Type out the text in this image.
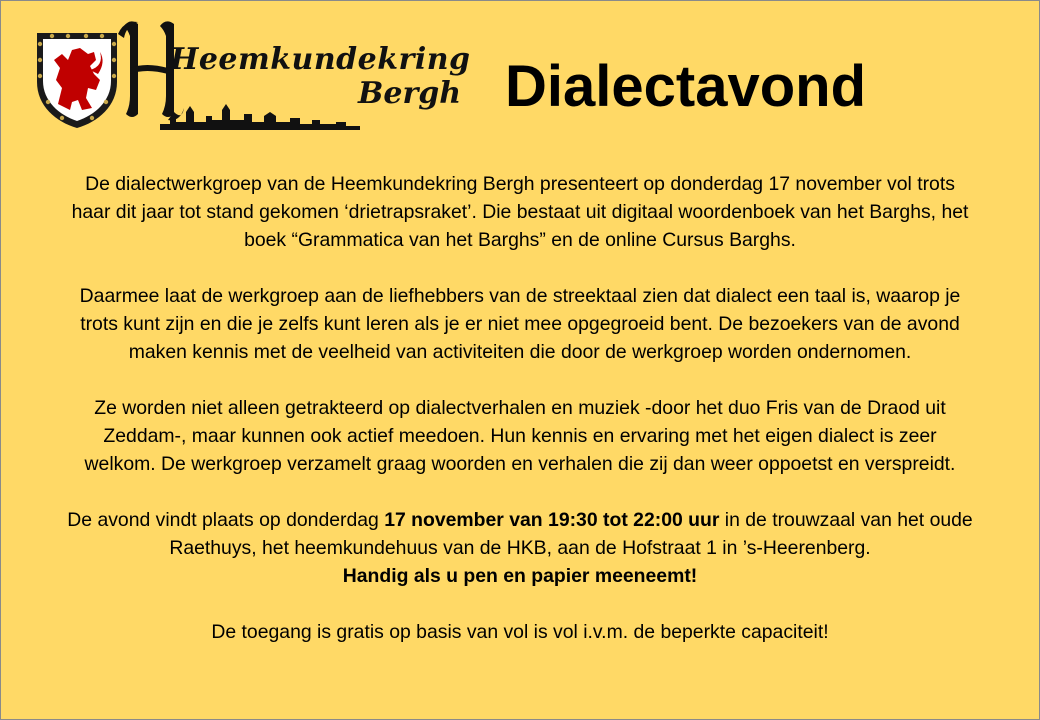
Heemkundekring
Bergh Dialectavond

De dialectwerkgroep van de Heemkundekring Bergh presenteert op donderdag 17 november vol trots

haar dit jaar tot stand gekomen ‘drietrapsraket’. Die bestaat uit digitaal woordenboek van het Barghs, het

boek “Grammatica van het Barghs” en de online Cursus Barghs.

Daarmee laat de werkgroep aan de liefhebbers van de streektaal zien dat dialect een taal is, waarop je

trots kunt zijn en die je zelfs kunt leren als je er niet mee opgegroeid bent. De bezoekers van de avond

maken kennis met de veelheid van activiteiten die door de werkgroep worden ondernomen.

Ze worden niet alleen getrakteerd op dialectverhalen en muziek -door het duo Fris van de Draod uit

Zeddam-, maar kunnen ook actief meedoen. Hun kennis en ervaring met het eigen dialect is zeer

welkom. De werkgroep verzamelt graag woorden en verhalen die zij dan weer oppoetst en verspreidt.

De avond vindt plaats op donderdag 17 november van 19:30 tot 22:00 uur in de trouwzaal van het oude

Raethuys, het heemkundehuus van de HKB, aan de Hofstraat 1 in ’s-Heerenberg.

Handig als u pen en papier meeneemt!

De toegang is gratis op basis van vol is vol i.v.m. de beperkte capaciteit!
